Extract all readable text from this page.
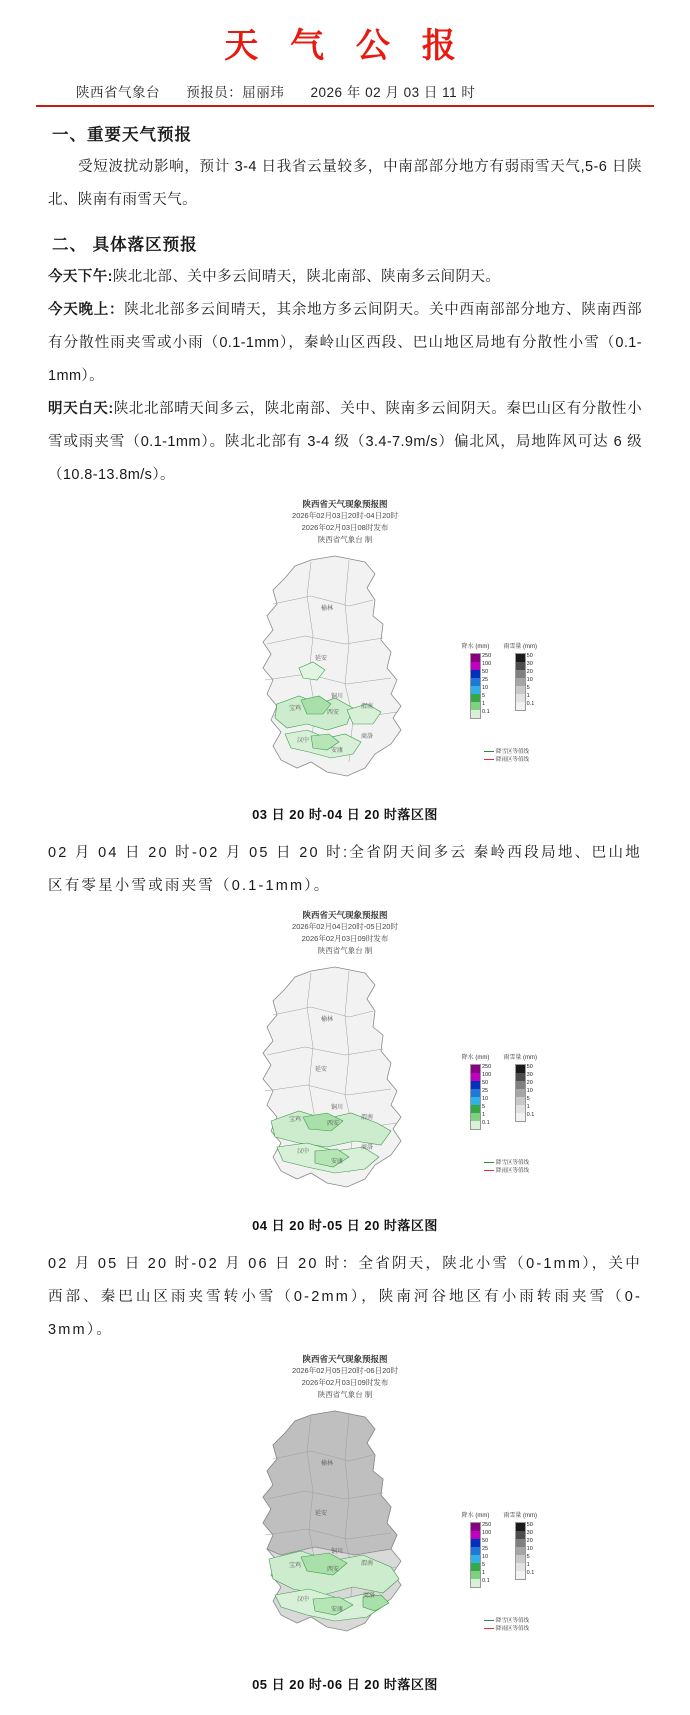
天 气 公 报
陕西省气象台 预报员：屈丽玮 2026 年 02 月 03 日 11 时
一、重要天气预报
受短波扰动影响，预计 3-4 日我省云量较多，中南部部分地方有弱雨雪天气,5-6 日陕北、陕南有雨雪天气。
二、 具体落区预报
今天下午:陕北北部、关中多云间晴天，陕北南部、陕南多云间阴天。
今天晚上：陕北北部多云间晴天，其余地方多云间阴天。关中西南部部分地方、陕南西部有分散性雨夹雪或小雨（0.1-1mm），秦岭山区西段、巴山地区局地有分散性小雪（0.1-1mm）。
明天白天:陕北北部晴天间多云，陕北南部、关中、陕南多云间阴天。秦巴山区有分散性小雪或雨夹雪（0.1-1mm）。陕北北部有 3-4 级（3.4-7.9m/s）偏北风，局地阵风可达 6 级（10.8-13.8m/s）。
陕西省天气现象预报图
2026年02月03日20时-04日20时
2026年02月03日08时发布
陕西省气象台 制
榆林
延安
铜川
宝鸡
西安
渭南
汉中
安康
商洛
降水 (mm)
250
100
50
25
10
5
1
0.1
雨雪量 (mm)
50
30
20
10
5
1
0.1
降雪区等值线
降雨区等值线
03 日 20 时-04 日 20 时落区图
02 月 04 日 20 时-02 月 05 日 20 时:全省阴天间多云 秦岭西段局地、巴山地区有零星小雪或雨夹雪（0.1-1mm）。
陕西省天气现象预报图
2026年02月04日20时-05日20时
2026年02月03日09时发布
陕西省气象台 制
榆林
延安
铜川
宝鸡
西安
渭南
汉中
安康
商洛
降水 (mm)
250
100
50
25
10
5
1
0.1
雨雪量 (mm)
50
30
20
10
5
1
0.1
降雪区等值线
降雨区等值线
04 日 20 时-05 日 20 时落区图
02 月 05 日 20 时-02 月 06 日 20 时：全省阴天，陕北小雪（0-1mm），关中西部、秦巴山区雨夹雪转小雪（0-2mm），陕南河谷地区有小雨转雨夹雪（0-3mm）。
陕西省天气现象预报图
2026年02月05日20时-06日20时
2026年02月03日09时发布
陕西省气象台 制
榆林
延安
铜川
宝鸡
西安
渭南
汉中
安康
商洛
降水 (mm)
250
100
50
25
10
5
1
0.1
雨雪量 (mm)
50
30
20
10
5
1
0.1
降雪区等值线
降雨区等值线
05 日 20 时-06 日 20 时落区图
